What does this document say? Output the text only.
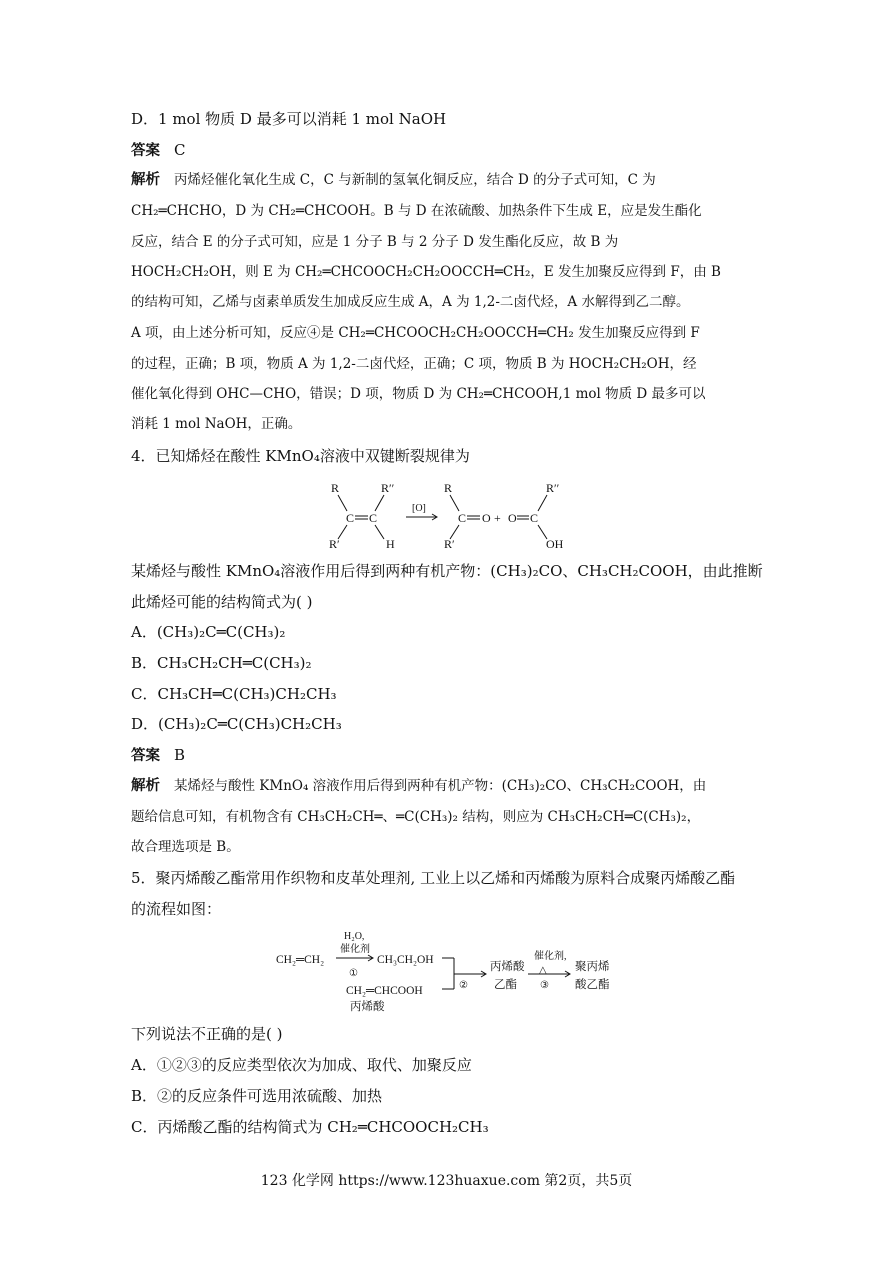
D．1 mol 物质 D 最多可以消耗 1 mol NaOH
答案 C
解析 丙烯烃催化氧化生成 C，C 与新制的氢氧化铜反应，结合 D 的分子式可知，C 为
CH₂═CHCHO，D 为 CH₂═CHCOOH。B 与 D 在浓硫酸、加热条件下生成 E，应是发生酯化
反应，结合 E 的分子式可知，应是 1 分子 B 与 2 分子 D 发生酯化反应，故 B 为
HOCH₂CH₂OH，则 E 为 CH₂═CHCOOCH₂CH₂OOCCH═CH₂，E 发生加聚反应得到 F，由 B
的结构可知，乙烯与卤素单质发生加成反应生成 A，A 为 1,2-二卤代烃，A 水解得到乙二醇。
A 项，由上述分析可知，反应④是 CH₂═CHCOOCH₂CH₂OOCCH═CH₂ 发生加聚反应得到 F
的过程，正确；B 项，物质 A 为 1,2-二卤代烃，正确；C 项，物质 B 为 HOCH₂CH₂OH，经
催化氧化得到 OHC—CHO，错误；D 项，物质 D 为 CH₂═CHCOOH,1 mol 物质 D 最多可以
消耗 1 mol NaOH，正确。
4．已知烯烃在酸性 KMnO₄溶液中双键断裂规律为
R	R′′
C C
R′	H
[O]
R
C O + O C
R′
R′′
OH
某烯烃与酸性 KMnO₄溶液作用后得到两种有机产物：(CH₃)₂CO、CH₃CH₂COOH，由此推断
此烯烃可能的结构简式为( )
A．(CH₃)₂C═C(CH₃)₂
B．CH₃CH₂CH═C(CH₃)₂
C．CH₃CH═C(CH₃)CH₂CH₃
D．(CH₃)₂C═C(CH₃)CH₂CH₃
答案 B
解析 某烯烃与酸性 KMnO₄ 溶液作用后得到两种有机产物：(CH₃)₂CO、CH₃CH₂COOH，由
题给信息可知，有机物含有 CH₃CH₂CH═、═C(CH₃)₂ 结构，则应为 CH₃CH₂CH═C(CH₃)₂，
故合理选项是 B。
5．聚丙烯酸乙酯常用作织物和皮革处理剂, 工业上以乙烯和丙烯酸为原料合成聚丙烯酸乙酯
的流程如图：
CH₂═CH₂
H₂O,
催化剂
①
CH₃CH₂OH
CH₂═CHCOOH
丙烯酸
②
丙烯酸
乙酯
催化剂,
△
③
聚丙烯
酸乙酯
下列说法不正确的是( )
A．①②③的反应类型依次为加成、取代、加聚反应
B．②的反应条件可选用浓硫酸、加热
C．丙烯酸乙酯的结构简式为 CH₂═CHCOOCH₂CH₃
123 化学网 https://www.123huaxue.com 第2页，共5页
